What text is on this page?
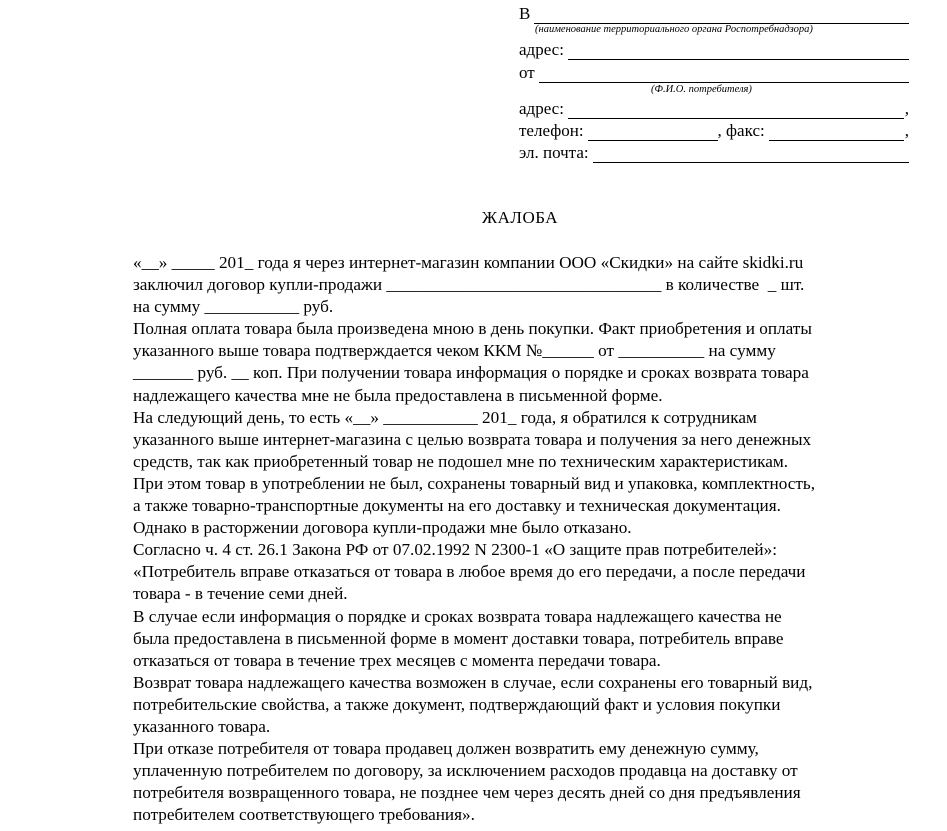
В
(наименование территориального органа Роспотребнадзора)
адрес:
от
(Ф.И.О. потребителя)
адрес:	,
телефон:	, факс:	,
эл. почта:
ЖАЛОБА
«__» _____ 201_ года я через интернет-магазин компании ООО «Скидки» на сайте skidki.ru
заключил договор купли-продажи ________________________________ в количестве  _ шт.
на сумму ___________ руб.
Полная оплата товара была произведена мною в день покупки. Факт приобретения и оплаты
указанного выше товара подтверждается чеком ККМ №______ от __________ на сумму
_______ руб. __ коп. При получении товара информация о порядке и сроках возврата товара
надлежащего качества мне не была предоставлена в письменной форме.
На следующий день, то есть «__» ___________ 201_ года, я обратился к сотрудникам
указанного выше интернет-магазина с целью возврата товара и получения за него денежных
средств, так как приобретенный товар не подошел мне по техническим характеристикам.
При этом товар в употреблении не был, сохранены товарный вид и упаковка, комплектность,
а также товарно-транспортные документы на его доставку и техническая документация.
Однако в расторжении договора купли-продажи мне было отказано.
Согласно ч. 4 ст. 26.1 Закона РФ от 07.02.1992 N 2300-1 «О защите прав потребителей»:
«Потребитель вправе отказаться от товара в любое время до его передачи, а после передачи
товара - в течение семи дней.
В случае если информация о порядке и сроках возврата товара надлежащего качества не
была предоставлена в письменной форме в момент доставки товара, потребитель вправе
отказаться от товара в течение трех месяцев с момента передачи товара.
Возврат товара надлежащего качества возможен в случае, если сохранены его товарный вид,
потребительские свойства, а также документ, подтверждающий факт и условия покупки
указанного товара.
При отказе потребителя от товара продавец должен возвратить ему денежную сумму,
уплаченную потребителем по договору, за исключением расходов продавца на доставку от
потребителя возвращенного товара, не позднее чем через десять дней со дня предъявления
потребителем соответствующего требования».
